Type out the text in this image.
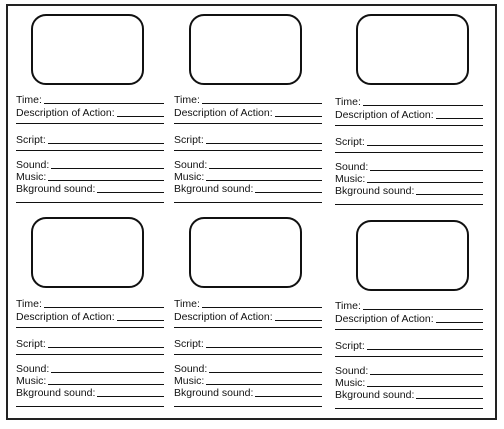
Time:
Description of Action:
Script:
Sound:
Music:
Bkground sound:
Time:
Description of Action:
Script:
Sound:
Music:
Bkground sound:
Time:
Description of Action:
Script:
Sound:
Music:
Bkground sound:
Time:
Description of Action:
Script:
Sound:
Music:
Bkground sound:
Time:
Description of Action:
Script:
Sound:
Music:
Bkground sound:
Time:
Description of Action:
Script:
Sound:
Music:
Bkground sound:
